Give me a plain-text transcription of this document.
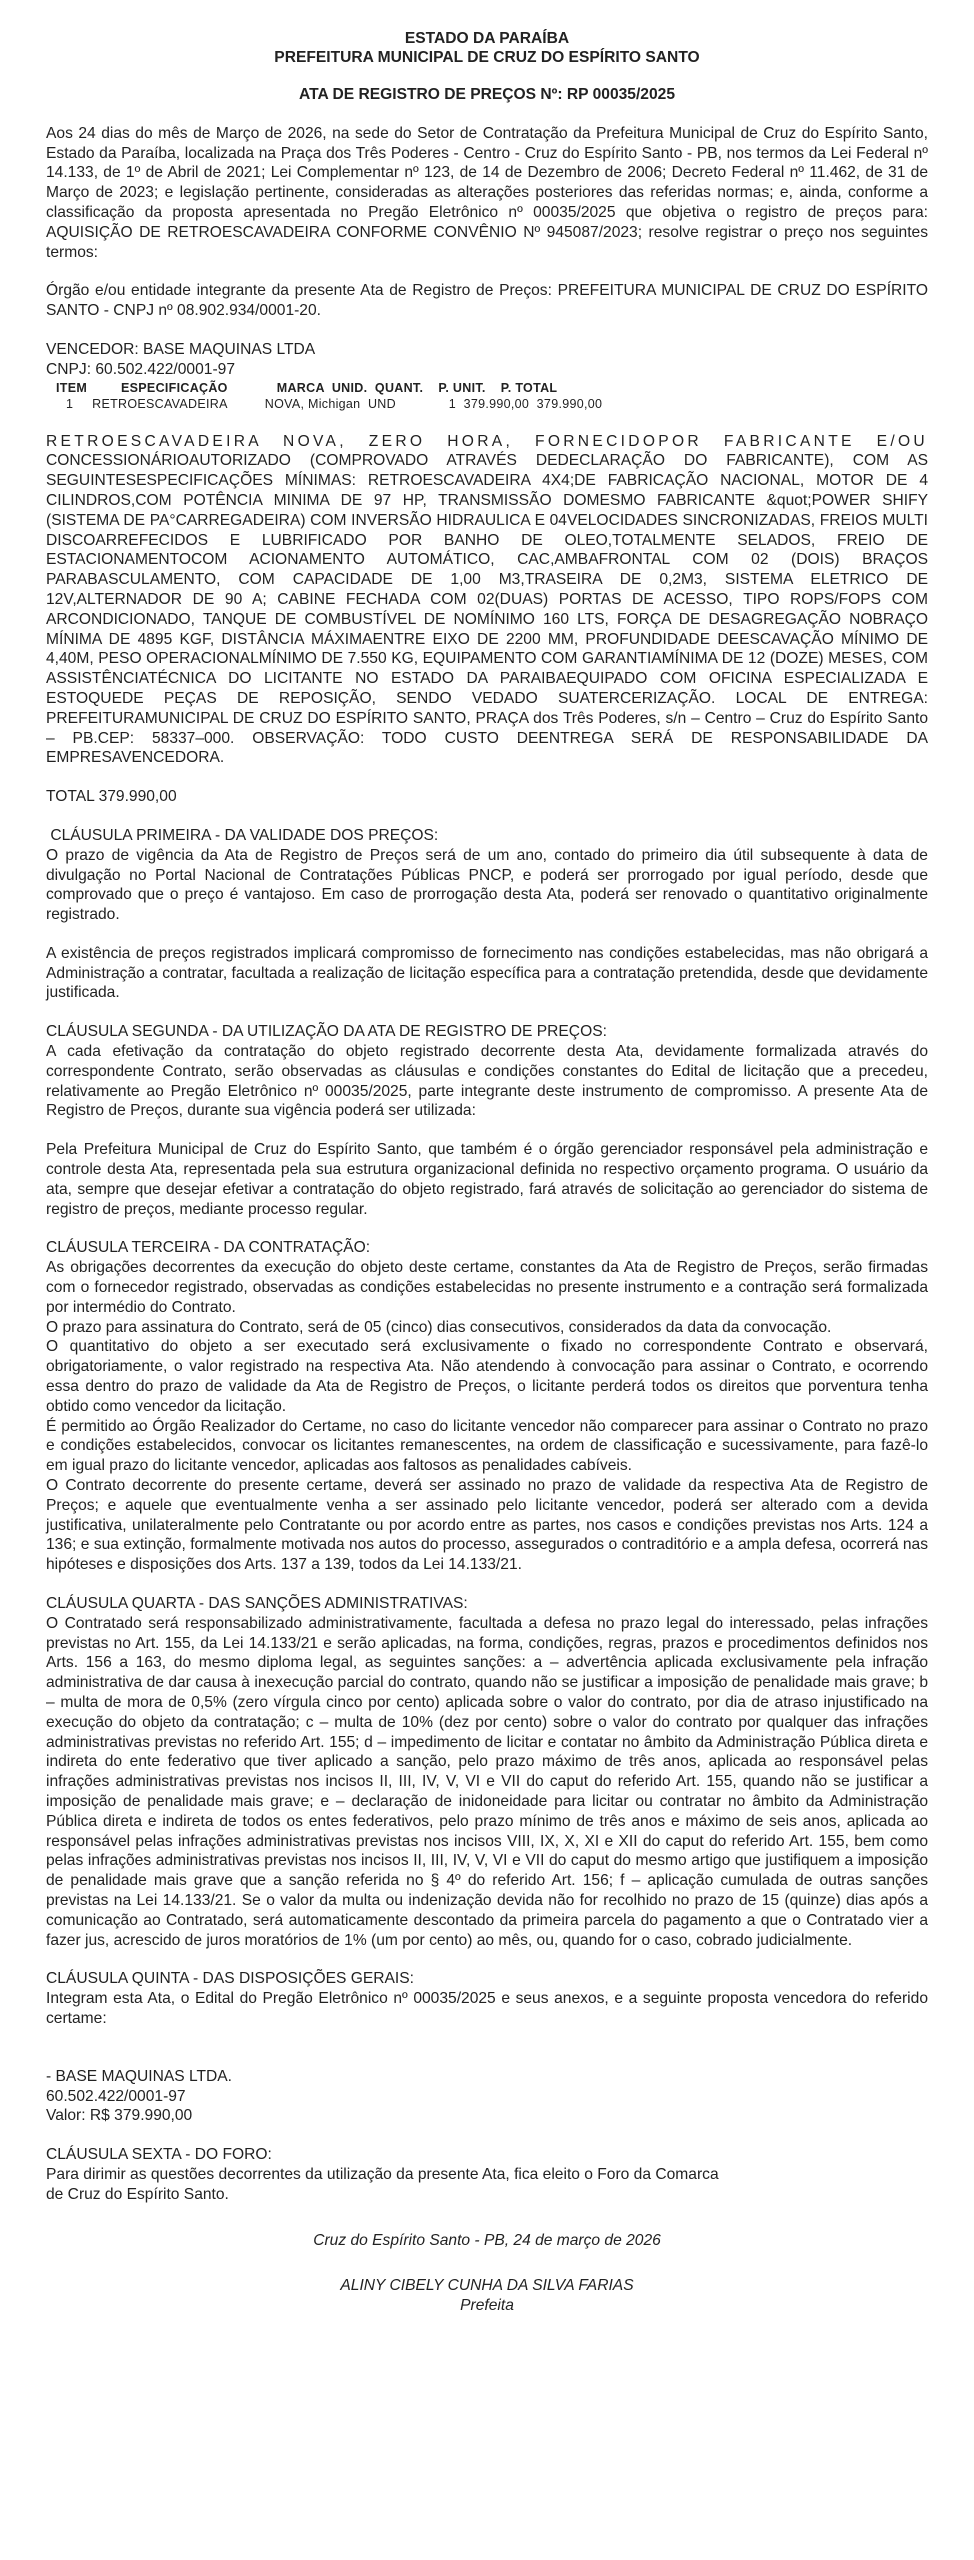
ESTADO DA PARAÍBA
PREFEITURA MUNICIPAL DE CRUZ DO ESPÍRITO SANTO
ATA DE REGISTRO DE PREÇOS Nº: RP 00035/2025

Aos 24 dias do mês de Março de 2026, na sede do Setor de Contratação da Prefeitura Municipal de Cruz do Espírito Santo, Estado da Paraíba, localizada na Praça dos Três Poderes - Centro - Cruz do Espírito Santo - PB, nos termos da Lei Federal nº 14.133, de 1º de Abril de 2021; Lei Complementar nº 123, de 14 de Dezembro de 2006; Decreto Federal nº 11.462, de 31 de Março de 2023; e legislação pertinente, consideradas as alterações posteriores das referidas normas; e, ainda, conforme a classificação da proposta apresentada no Pregão Eletrônico nº 00035/2025 que objetiva o registro de preços para: AQUISIÇÃO DE RETROESCAVADEIRA CONFORME CONVÊNIO Nº 945087/2023; resolve registrar o preço nos seguintes termos:

Órgão e/ou entidade integrante da presente Ata de Registro de Preços: PREFEITURA MUNICIPAL DE CRUZ DO ESPÍRITO SANTO - CNPJ nº 08.902.934/0001-20.

VENCEDOR: BASE MAQUINAS LTDA
CNPJ: 60.502.422/0001-97
ITEM         ESPECIFICAÇÃO             MARCA  UNID.  QUANT.    P. UNIT.    P. TOTAL
1     RETROESCAVADEIRA          NOVA, Michigan  UND              1  379.990,00  379.990,00

RETROESCAVADEIRA NOVA, ZERO HORA, FORNECIDOPOR FABRICANTE E/OU CONCESSIONÁRIOAUTORIZADO (COMPROVADO ATRAVÉS DEDECLARAÇÃO DO FABRICANTE), COM AS SEGUINTESESPECIFICAÇÕES MÍNIMAS: RETROESCAVADEIRA 4X4;DE FABRICAÇÃO NACIONAL, MOTOR DE 4 CILINDROS,COM POTÊNCIA MINIMA DE 97 HP, TRANSMISSÃO DOMESMO FABRICANTE &quot;POWER SHIFY (SISTEMA DE PA°CARREGADEIRA) COM INVERSÃO HIDRAULICA E 04VELOCIDADES SINCRONIZADAS, FREIOS MULTI DISCOARREFECIDOS E LUBRIFICADO POR BANHO DE OLEO,TOTALMENTE SELADOS, FREIO DE ESTACIONAMENTOCOM ACIONAMENTO AUTOMÁTICO, CAC,AMBAFRONTAL COM 02 (DOIS) BRAÇOS PARABASCULAMENTO, COM CAPACIDADE DE 1,00 M3,TRASEIRA DE 0,2M3, SISTEMA ELETRICO DE 12V,ALTERNADOR DE 90 A; CABINE FECHADA COM 02(DUAS) PORTAS DE ACESSO, TIPO ROPS/FOPS COM ARCONDICIONADO, TANQUE DE COMBUSTÍVEL DE NOMÍNIMO 160 LTS, FORÇA DE DESAGREGAÇÃO NOBRAÇO MÍNIMA DE 4895 KGF, DISTÂNCIA MÁXIMAENTRE EIXO DE 2200 MM, PROFUNDIDADE DEESCAVAÇÃO MÍNIMO DE 4,40M, PESO OPERACIONALMÍNIMO DE 7.550 KG, EQUIPAMENTO COM GARANTIAMÍNIMA DE 12 (DOZE) MESES, COM ASSISTÊNCIATÉCNICA DO LICITANTE NO ESTADO DA PARAIBAEQUIPADO COM OFICINA ESPECIALIZADA E ESTOQUEDE PEÇAS DE REPOSIÇÃO, SENDO VEDADO SUATERCERIZAÇÃO. LOCAL DE ENTREGA: PREFEITURAMUNICIPAL DE CRUZ DO ESPÍRITO SANTO, PRAÇA dos Três Poderes, s/n – Centro – Cruz do Espírito Santo – PB.CEP: 58337–000. OBSERVAÇÃO: TODO CUSTO DEENTREGA SERÁ DE RESPONSABILIDADE DA EMPRESAVENCEDORA.

TOTAL 379.990,00
CLÁUSULA PRIMEIRA - DA VALIDADE DOS PREÇOS:

O prazo de vigência da Ata de Registro de Preços será de um ano, contado do primeiro dia útil subsequente à data de divulgação no Portal Nacional de Contratações Públicas PNCP, e poderá ser prorrogado por igual período, desde que comprovado que o preço é vantajoso. Em caso de prorrogação desta Ata, poderá ser renovado o quantitativo originalmente registrado.

A existência de preços registrados implicará compromisso de fornecimento nas condições estabelecidas, mas não obrigará a Administração a contratar, facultada a realização de licitação específica para a contratação pretendida, desde que devidamente justificada.

CLÁUSULA SEGUNDA - DA UTILIZAÇÃO DA ATA DE REGISTRO DE PREÇOS:

A cada efetivação da contratação do objeto registrado decorrente desta Ata, devidamente formalizada através do correspondente Contrato, serão observadas as cláusulas e condições constantes do Edital de licitação que a precedeu, relativamente ao Pregão Eletrônico nº 00035/2025, parte integrante deste instrumento de compromisso. A presente Ata de Registro de Preços, durante sua vigência poderá ser utilizada:

Pela Prefeitura Municipal de Cruz do Espírito Santo, que também é o órgão gerenciador responsável pela administração e controle desta Ata, representada pela sua estrutura organizacional definida no respectivo orçamento programa. O usuário da ata, sempre que desejar efetivar a contratação do objeto registrado, fará através de solicitação ao gerenciador do sistema de registro de preços, mediante processo regular.

CLÁUSULA TERCEIRA - DA CONTRATAÇÃO:

As obrigações decorrentes da execução do objeto deste certame, constantes da Ata de Registro de Preços, serão firmadas com o fornecedor registrado, observadas as condições estabelecidas no presente instrumento e a contração será formalizada por intermédio do Contrato.

O prazo para assinatura do Contrato, será de 05 (cinco) dias consecutivos, considerados da data da convocação.

O quantitativo do objeto a ser executado será exclusivamente o fixado no correspondente Contrato e observará, obrigatoriamente, o valor registrado na respectiva Ata. Não atendendo à convocação para assinar o Contrato, e ocorrendo essa dentro do prazo de validade da Ata de Registro de Preços, o licitante perderá todos os direitos que porventura tenha obtido como vencedor da licitação.

É permitido ao Órgão Realizador do Certame, no caso do licitante vencedor não comparecer para assinar o Contrato no prazo e condições estabelecidos, convocar os licitantes remanescentes, na ordem de classificação e sucessivamente, para fazê-lo em igual prazo do licitante vencedor, aplicadas aos faltosos as penalidades cabíveis.

O Contrato decorrente do presente certame, deverá ser assinado no prazo de validade da respectiva Ata de Registro de Preços; e aquele que eventualmente venha a ser assinado pelo licitante vencedor, poderá ser alterado com a devida justificativa, unilateralmente pelo Contratante ou por acordo entre as partes, nos casos e condições previstas nos Arts. 124 a 136; e sua extinção, formalmente motivada nos autos do processo, assegurados o contraditório e a ampla defesa, ocorrerá nas hipóteses e disposições dos Arts. 137 a 139, todos da Lei 14.133/21.

CLÁUSULA QUARTA - DAS SANÇÕES ADMINISTRATIVAS:

O Contratado será responsabilizado administrativamente, facultada a defesa no prazo legal do interessado, pelas infrações previstas no Art. 155, da Lei 14.133/21 e serão aplicadas, na forma, condições, regras, prazos e procedimentos definidos nos Arts. 156 a 163, do mesmo diploma legal, as seguintes sanções: a – advertência aplicada exclusivamente pela infração administrativa de dar causa à inexecução parcial do contrato, quando não se justificar a imposição de penalidade mais grave; b – multa de mora de 0,5% (zero vírgula cinco por cento) aplicada sobre o valor do contrato, por dia de atraso injustificado na execução do objeto da contratação; c – multa de 10% (dez por cento) sobre o valor do contrato por qualquer das infrações administrativas previstas no referido Art. 155; d – impedimento de licitar e contatar no âmbito da Administração Pública direta e indireta do ente federativo que tiver aplicado a sanção, pelo prazo máximo de três anos, aplicada ao responsável pelas infrações administrativas previstas nos incisos II, III, IV, V, VI e VII do caput do referido Art. 155, quando não se justificar a imposição de penalidade mais grave; e – declaração de inidoneidade para licitar ou contratar no âmbito da Administração Pública direta e indireta de todos os entes federativos, pelo prazo mínimo de três anos e máximo de seis anos, aplicada ao responsável pelas infrações administrativas previstas nos incisos VIII, IX, X, XI e XII do caput do referido Art. 155, bem como pelas infrações administrativas previstas nos incisos II, III, IV, V, VI e VII do caput do mesmo artigo que justifiquem a imposição de penalidade mais grave que a sanção referida no § 4º do referido Art. 156; f – aplicação cumulada de outras sanções previstas na Lei 14.133/21. Se o valor da multa ou indenização devida não for recolhido no prazo de 15 (quinze) dias após a comunicação ao Contratado, será automaticamente descontado da primeira parcela do pagamento a que o Contratado vier a fazer jus, acrescido de juros moratórios de 1% (um por cento) ao mês, ou, quando for o caso, cobrado judicialmente.

CLÁUSULA QUINTA - DAS DISPOSIÇÕES GERAIS:

Integram esta Ata, o Edital do Pregão Eletrônico nº 00035/2025 e seus anexos, e a seguinte proposta vencedora do referido certame:

- BASE MAQUINAS LTDA.
60.502.422/0001-97
Valor: R$ 379.990,00
CLÁUSULA SEXTA - DO FORO:

Para dirimir as questões decorrentes da utilização da presente Ata, fica eleito o Foro da Comarca de Cruz do Espírito Santo.

Cruz do Espírito Santo - PB, 24 de março de 2026
ALINY CIBELY CUNHA DA SILVA FARIAS
Prefeita
